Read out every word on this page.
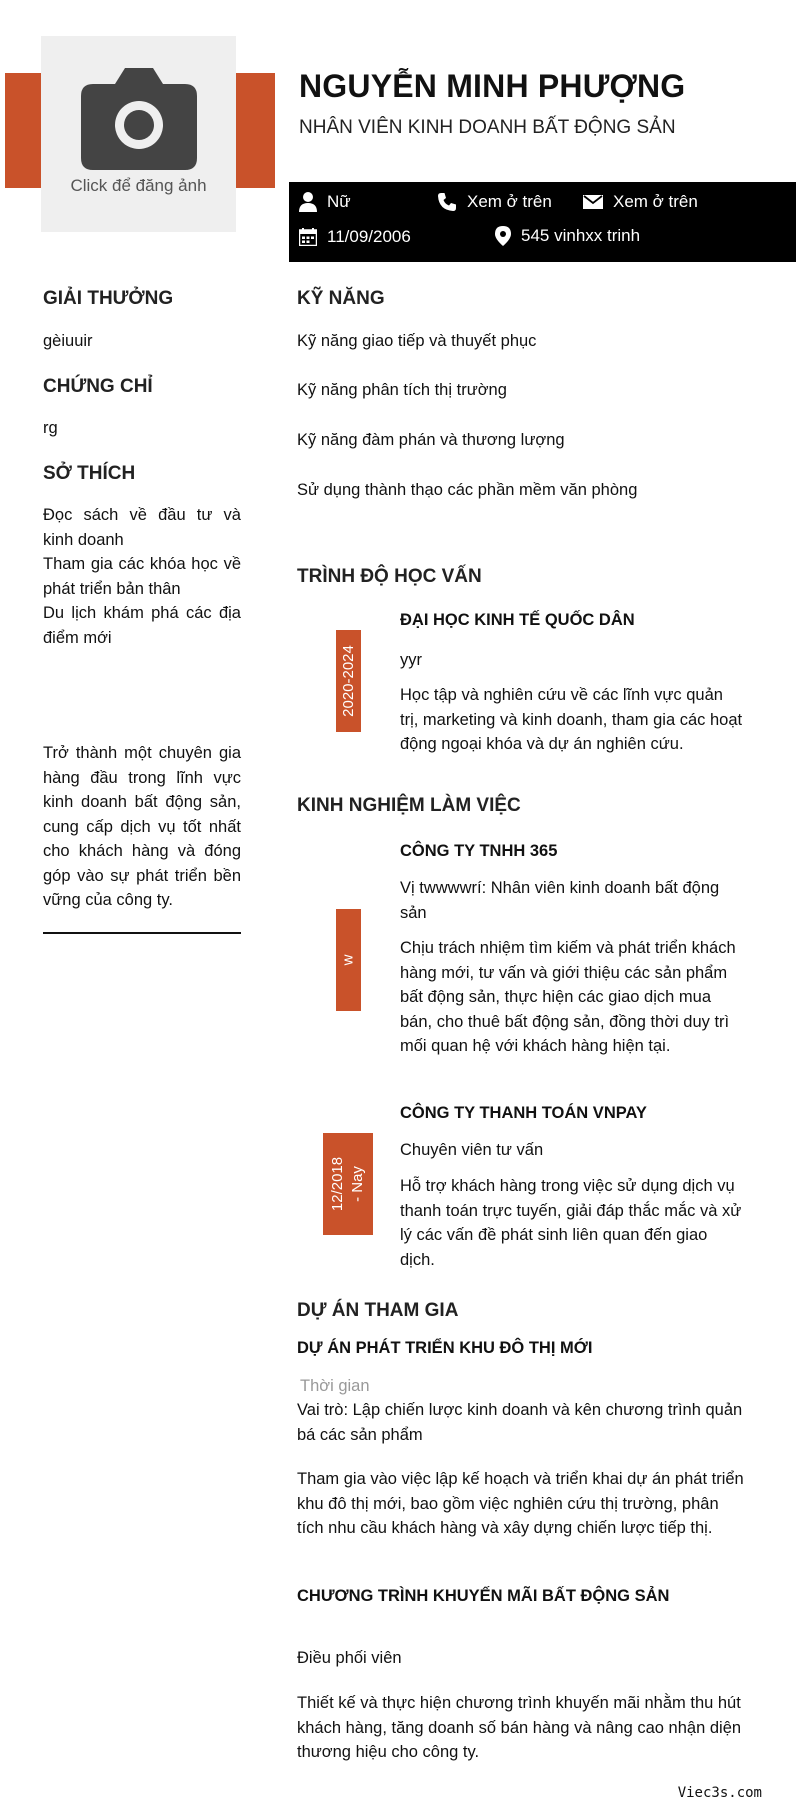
Click để đăng ảnh
NGUYỄN MINH PHƯỢNG
NHÂN VIÊN KINH DOANH BẤT ĐỘNG SẢN
Nữ	Xem ở trên	Xem ở trên
11/09/2006	545 vinhxx trinh
GIẢI THƯỞNG
gèiuuir
CHỨNG CHỈ
rg
SỞ THÍCH
Đọc sách về đầu tư và kinh doanh
Tham gia các khóa học về phát triển bản thân
Du lịch khám phá các địa điểm mới
Trở thành một chuyên gia hàng đầu trong lĩnh vực kinh doanh bất động sản, cung cấp dịch vụ tốt nhất cho khách hàng và đóng góp vào sự phát triển bền vững của công ty.
KỸ NĂNG
Kỹ năng giao tiếp và thuyết phục
Kỹ năng phân tích thị trường
Kỹ năng đàm phán và thương lượng
Sử dụng thành thạo các phần mềm văn phòng
TRÌNH ĐỘ HỌC VẤN
2020-2024
ĐẠI HỌC KINH TẾ QUỐC DÂN
yyr
Học tập và nghiên cứu về các lĩnh vực quản trị, marketing và kinh doanh, tham gia các hoạt động ngoại khóa và dự án nghiên cứu.
KINH NGHIỆM LÀM VIỆC
w
CÔNG TY TNHH 365
Vị twwwwrí: Nhân viên kinh doanh bất động sản
Chịu trách nhiệm tìm kiếm và phát triển khách hàng mới, tư vấn và giới thiệu các sản phẩm bất động sản, thực hiện các giao dịch mua bán, cho thuê bất động sản, đồng thời duy trì mối quan hệ với khách hàng hiện tại.
12/2018 - Nay
CÔNG TY THANH TOÁN VNPAY
Chuyên viên tư vấn
Hỗ trợ khách hàng trong việc sử dụng dịch vụ thanh toán trực tuyến, giải đáp thắc mắc và xử lý các vấn đề phát sinh liên quan đến giao dịch.
DỰ ÁN THAM GIA
DỰ ÁN PHÁT TRIỂN KHU ĐÔ THỊ MỚI
Thời gian
Vai trò: Lập chiến lược kinh doanh và kên chương trình quản bá các sản phẩm
Tham gia vào việc lập kế hoạch và triển khai dự án phát triển khu đô thị mới, bao gồm việc nghiên cứu thị trường, phân tích nhu cầu khách hàng và xây dựng chiến lược tiếp thị.
CHƯƠNG TRÌNH KHUYẾN MÃI BẤT ĐỘNG SẢN
Điều phối viên
Thiết kế và thực hiện chương trình khuyến mãi nhằm thu hút khách hàng, tăng doanh số bán hàng và nâng cao nhận diện thương hiệu cho công ty.
Viec3s.com
